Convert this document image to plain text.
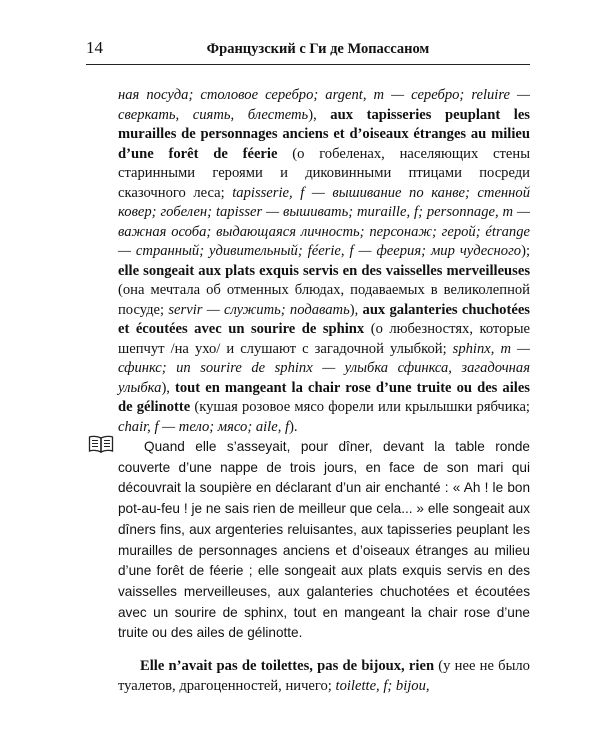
14	Французский с Ги де Мопассаном
ная посуда; столовое серебро; argent, m — серебро; reluire — сверкать, сиять, блестеть), aux tapisseries peuplant les murailles de personnages anciens et d’oiseaux étranges au milieu d’une forêt de féerie (о гобеленах, населяющих стены старинными героями и диковинными птицами посреди сказочного леса; tapisserie, f — вышивание по канве; стенной ковер; гобелен; tapisser — вышивать; muraille, f; personnage, m — важная особа; выдающаяся личность; персонаж; герой; étrange — странный; удивительный; féerie, f — феерия; мир чудесного); elle songeait aux plats exquis servis en des vaisselles merveilleuses (она мечтала об отменных блюдах, подаваемых в великолепной посуде; servir — служить; подавать), aux galanteries chuchotées et écoutées avec un sourire de sphinx (о любезностях, которые шепчут /на ухо/ и слушают с загадочной улыбкой; sphinx, m — сфинкс; un sourire de sphinx — улыбка сфинкса, загадочная улыбка), tout en mangeant la chair rose d’une truite ou des ailes de gélinotte (кушая розовое мясо форели или крылышки рябчика; chair, f — тело; мясо; aile, f).
Quand elle s’asseyait, pour dîner, devant la table ronde couverte d’une nappe de trois jours, en face de son mari qui découvrait la soupière en déclarant d’un air enchanté : « Ah ! le bon pot-au-feu ! je ne sais rien de meilleur que cela... » elle songeait aux dîners fins, aux argenteries reluisantes, aux tapisseries peuplant les murailles de personnages anciens et d’oiseaux étranges au milieu d’une forêt de féerie ; elle songeait aux plats exquis servis en des vaisselles merveilleuses, aux galanteries chuchotées et écoutées avec un sourire de sphinx, tout en mangeant la chair rose d’une truite ou des ailes de gélinotte.
Elle n’avait pas de toilettes, pas de bijoux, rien (у нее не было туалетов, драгоценностей, ничего; toilette, f; bijou,
